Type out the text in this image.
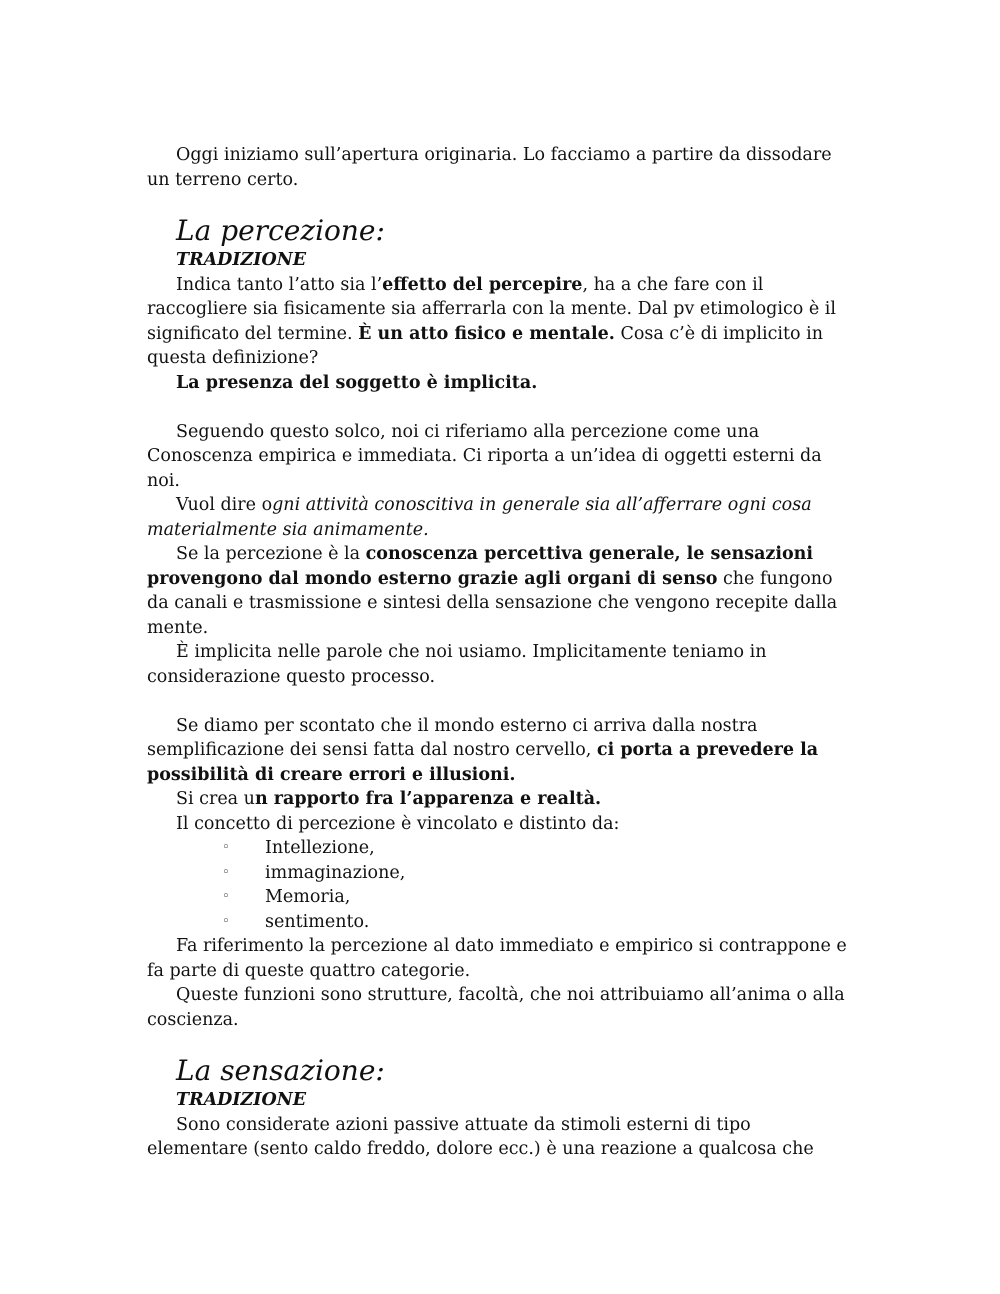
Oggi iniziamo sull’apertura originaria. Lo facciamo a partire da dissodare un terreno certo.

La percezione:
TRADIZIONE

Indica tanto l’atto sia l’effetto del percepire, ha a che fare con il raccogliere sia fisicamente sia afferrarla con la mente. Dal pv etimologico è il significato del termine. È un atto fisico e mentale. Cosa c’è di implicito in questa definizione?

La presenza del soggetto è implicita.

Seguendo questo solco, noi ci riferiamo alla percezione come una Conoscenza empirica e immediata. Ci riporta a un’idea di oggetti esterni da noi.

Vuol dire ogni attività conoscitiva in generale sia all’afferrare ogni cosa materialmente sia animamente.

Se la percezione è la conoscenza percettiva generale, le sensazioni provengono dal mondo esterno grazie agli organi di senso che fungono da canali e trasmissione e sintesi della sensazione che vengono recepite dalla mente.

È implicita nelle parole che noi usiamo. Implicitamente teniamo in considerazione questo processo.

Se diamo per scontato che il mondo esterno ci arriva dalla nostra semplificazione dei sensi fatta dal nostro cervello, ci porta a prevedere la possibilità di creare errori e illusioni.

Si crea un rapporto fra l’apparenza e realtà.

Il concetto di percezione è vincolato e distinto da:

◦ Intellezione,
◦ immaginazione,
◦ Memoria,
◦ sentimento.

Fa riferimento la percezione al dato immediato e empirico si contrappone e fa parte di queste quattro categorie.

Queste funzioni sono strutture, facoltà, che noi attribuiamo all’anima o alla coscienza.

La sensazione:
TRADIZIONE

Sono considerate azioni passive attuate da stimoli esterni di tipo elementare (sento caldo freddo, dolore ecc.) è una reazione a qualcosa che
